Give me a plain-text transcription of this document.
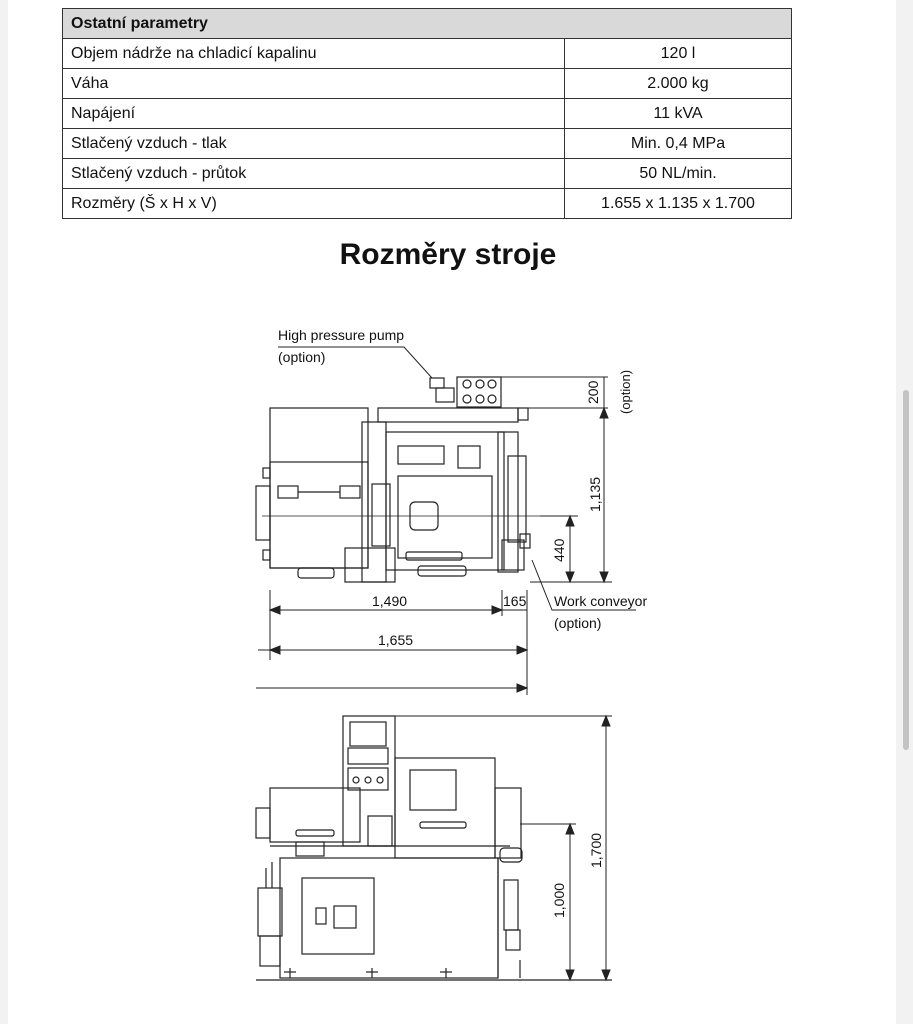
Ostatní parametry	
Objem nádrže na chladicí kapalinu	120 l
Váha	2.000 kg
Napájení	11 kVA
Stlačený vzduch - tlak	Min. 0,4 MPa
Stlačený vzduch - průtok	50 NL/min.
Rozměry (Š x H x V)	1.655 x 1.135 x 1.700
Rozměry stroje
High pressure pump
(option)
200 (option)
1,135
440
1,490	165 Work conveyor
(option)
1,655
1,700
1,000
